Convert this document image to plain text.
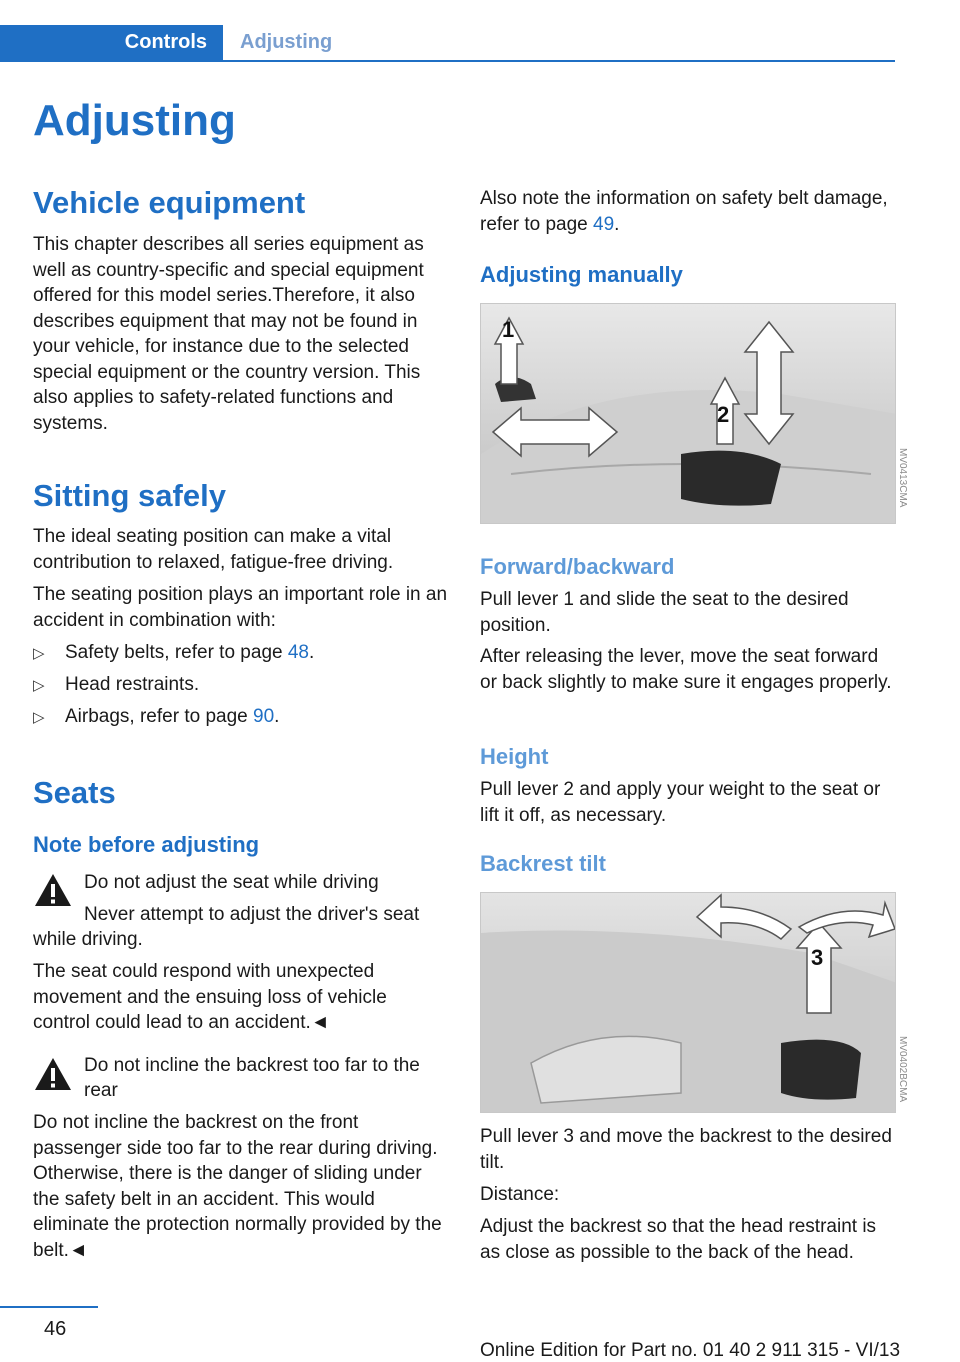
Controls	Adjusting
Adjusting
Vehicle equipment
This chapter describes all series equipment as well as country-specific and special equipment offered for this model series.Therefore, it also describes equipment that may not be found in your vehicle, for instance due to the selected special equipment or the country version. This also applies to safety-related functions and systems.
Sitting safely
The ideal seating position can make a vital contribution to relaxed, fatigue-free driving.
The seating position plays an important role in an accident in combination with:
▷ Safety belts, refer to page 48.
▷ Head restraints.
▷ Airbags, refer to page 90.
Seats
Note before adjusting
Do not adjust the seat while driving
Never attempt to adjust the driver's seat
while driving.
The seat could respond with unexpected movement and the ensuing loss of vehicle control could lead to an accident.◄
Do not incline the backrest too far to the
rear
Do not incline the backrest on the front passenger side too far to the rear during driving. Otherwise, there is the danger of sliding under the safety belt in an accident. This would eliminate the protection normally provided by the belt.◄
Also note the information on safety belt damage, refer to page 49.
Adjusting manually
1
2
MV0413CMA
Forward/backward
Pull lever 1 and slide the seat to the desired position.
After releasing the lever, move the seat forward or back slightly to make sure it engages properly.
Height
Pull lever 2 and apply your weight to the seat or lift it off, as necessary.
Backrest tilt
3
MV0402BCMA
Pull lever 3 and move the backrest to the desired tilt.
Distance:
Adjust the backrest so that the head restraint is as close as possible to the back of the head.
46
Online Edition for Part no. 01 40 2 911 315 - VI/13
